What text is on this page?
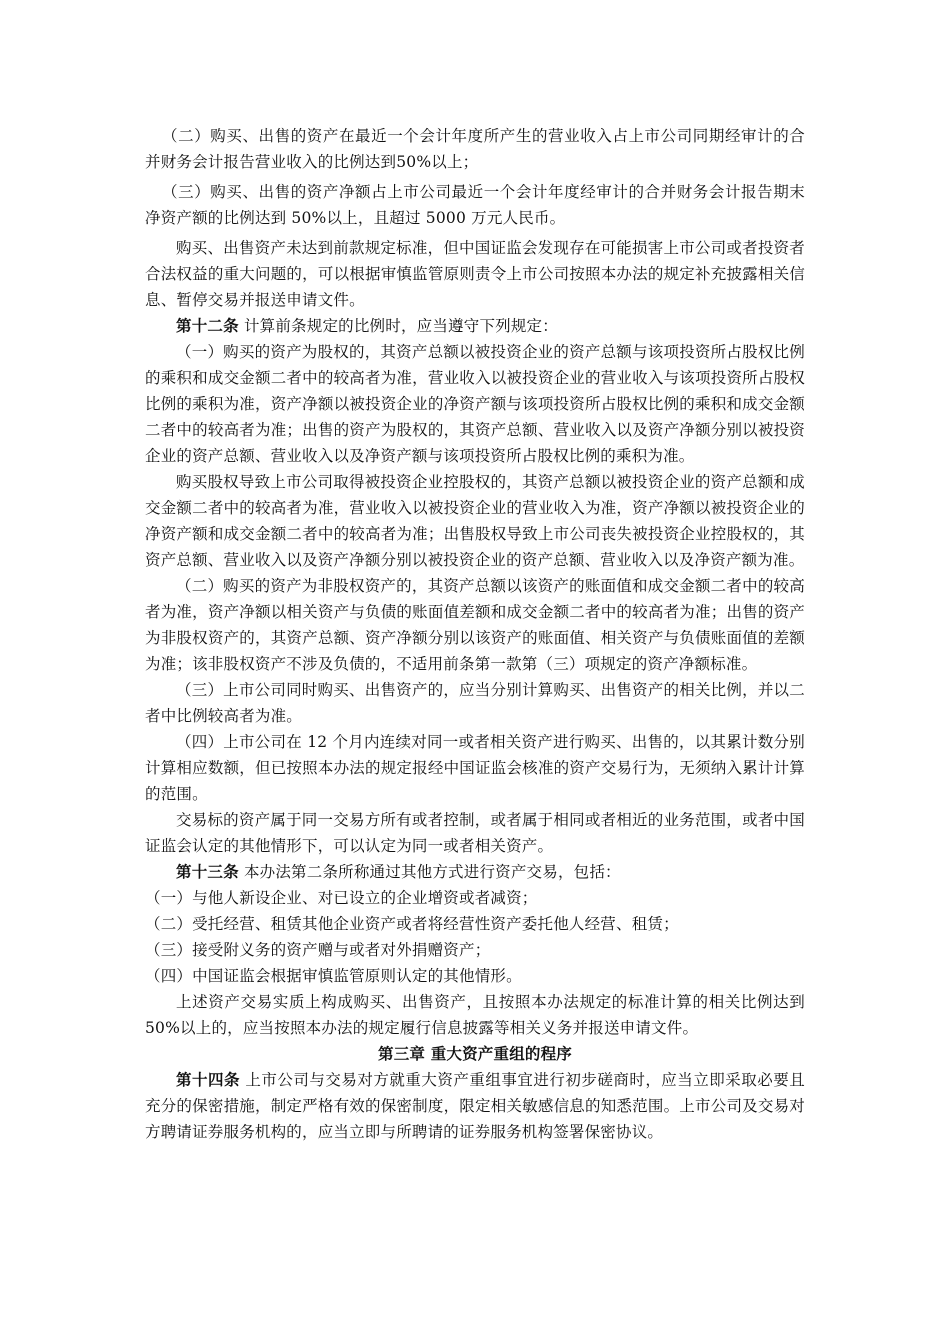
（二）购买、出售的资产在最近一个会计年度所产生的营业收入占上市公司同期经审计的合并财务会计报告营业收入的比例达到50%以上；

（三）购买、出售的资产净额占上市公司最近一个会计年度经审计的合并财务会计报告期末净资产额的比例达到 50%以上，且超过 5000 万元人民币。

购买、出售资产未达到前款规定标准，但中国证监会发现存在可能损害上市公司或者投资者合法权益的重大问题的，可以根据审慎监管原则责令上市公司按照本办法的规定补充披露相关信息、暂停交易并报送申请文件。

第十二条 计算前条规定的比例时，应当遵守下列规定：

（一）购买的资产为股权的，其资产总额以被投资企业的资产总额与该项投资所占股权比例的乘积和成交金额二者中的较高者为准，营业收入以被投资企业的营业收入与该项投资所占股权比例的乘积为准，资产净额以被投资企业的净资产额与该项投资所占股权比例的乘积和成交金额二者中的较高者为准；出售的资产为股权的，其资产总额、营业收入以及资产净额分别以被投资企业的资产总额、营业收入以及净资产额与该项投资所占股权比例的乘积为准。

购买股权导致上市公司取得被投资企业控股权的，其资产总额以被投资企业的资产总额和成交金额二者中的较高者为准，营业收入以被投资企业的营业收入为准，资产净额以被投资企业的净资产额和成交金额二者中的较高者为准；出售股权导致上市公司丧失被投资企业控股权的，其资产总额、营业收入以及资产净额分别以被投资企业的资产总额、营业收入以及净资产额为准。

（二）购买的资产为非股权资产的，其资产总额以该资产的账面值和成交金额二者中的较高者为准，资产净额以相关资产与负债的账面值差额和成交金额二者中的较高者为准；出售的资产为非股权资产的，其资产总额、资产净额分别以该资产的账面值、相关资产与负债账面值的差额为准；该非股权资产不涉及负债的，不适用前条第一款第（三）项规定的资产净额标准。

（三）上市公司同时购买、出售资产的，应当分别计算购买、出售资产的相关比例，并以二者中比例较高者为准。

（四）上市公司在 12 个月内连续对同一或者相关资产进行购买、出售的，以其累计数分别计算相应数额，但已按照本办法的规定报经中国证监会核准的资产交易行为，无须纳入累计计算的范围。

交易标的资产属于同一交易方所有或者控制，或者属于相同或者相近的业务范围，或者中国证监会认定的其他情形下，可以认定为同一或者相关资产。

第十三条 本办法第二条所称通过其他方式进行资产交易，包括：

（一）与他人新设企业、对已设立的企业增资或者减资；

（二）受托经营、租赁其他企业资产或者将经营性资产委托他人经营、租赁；

（三）接受附义务的资产赠与或者对外捐赠资产；

（四）中国证监会根据审慎监管原则认定的其他情形。

上述资产交易实质上构成购买、出售资产，且按照本办法规定的标准计算的相关比例达到 50%以上的，应当按照本办法的规定履行信息披露等相关义务并报送申请文件。

第三章 重大资产重组的程序

第十四条 上市公司与交易对方就重大资产重组事宜进行初步磋商时，应当立即采取必要且充分的保密措施，制定严格有效的保密制度，限定相关敏感信息的知悉范围。上市公司及交易对方聘请证券服务机构的，应当立即与所聘请的证券服务机构签署保密协议。
